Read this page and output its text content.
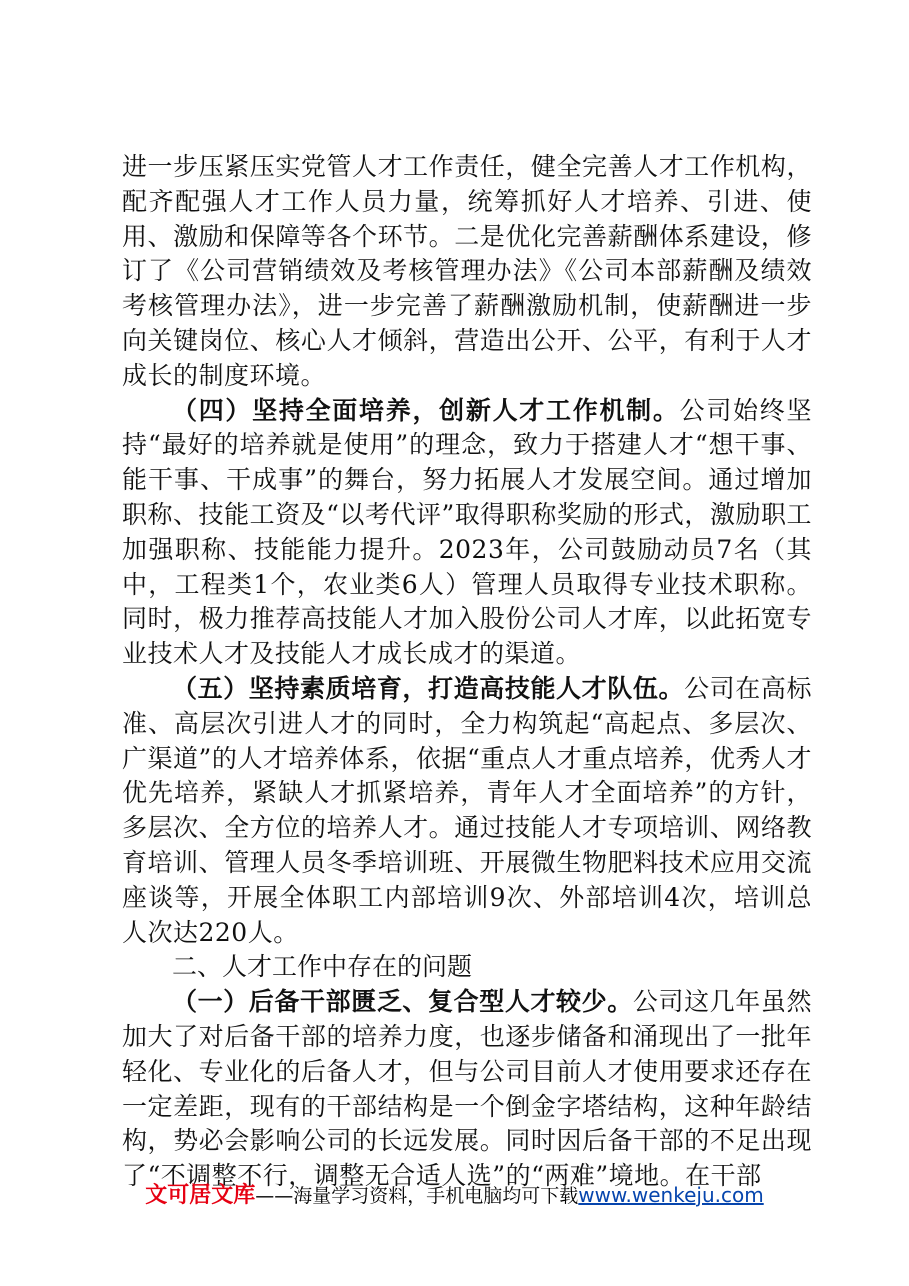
进一步压紧压实党管人才工作责任，健全完善人才工作机构，配齐配强人才工作人员力量，统筹抓好人才培养、引进、使用、激励和保障等各个环节。二是优化完善薪酬体系建设，修订了《公司营销绩效及考核管理办法》《公司本部薪酬及绩效考核管理办法》，进一步完善了薪酬激励机制，使薪酬进一步向关键岗位、核心人才倾斜，营造出公开、公平，有利于人才成长的制度环境。

（四）坚持全面培养，创新人才工作机制。公司始终坚持“最好的培养就是使用”的理念，致力于搭建人才“想干事、能干事、干成事”的舞台，努力拓展人才发展空间。通过增加职称、技能工资及“以考代评”取得职称奖励的形式，激励职工加强职称、技能能力提升。2023年，公司鼓励动员7名（其中，工程类1个，农业类6人）管理人员取得专业技术职称。同时，极力推荐高技能人才加入股份公司人才库，以此拓宽专业技术人才及技能人才成长成才的渠道。

（五）坚持素质培育，打造高技能人才队伍。公司在高标准、高层次引进人才的同时，全力构筑起“高起点、多层次、广渠道”的人才培养体系，依据“重点人才重点培养，优秀人才优先培养，紧缺人才抓紧培养，青年人才全面培养”的方针，多层次、全方位的培养人才。通过技能人才专项培训、网络教育培训、管理人员冬季培训班、开展微生物肥料技术应用交流座谈等，开展全体职工内部培训9次、外部培训4次，培训总人次达220人。

二、人才工作中存在的问题

（一）后备干部匮乏、复合型人才较少。公司这几年虽然加大了对后备干部的培养力度，也逐步储备和涌现出了一批年轻化、专业化的后备人才，但与公司目前人才使用要求还存在一定差距，现有的干部结构是一个倒金字塔结构，这种年龄结构，势必会影响公司的长远发展。同时因后备干部的不足出现了“不调整不行，调整无合适人选”的“两难”境地。在干部

文可居文库——海量学习资料，手机电脑均可下载www.wenkeju.com
